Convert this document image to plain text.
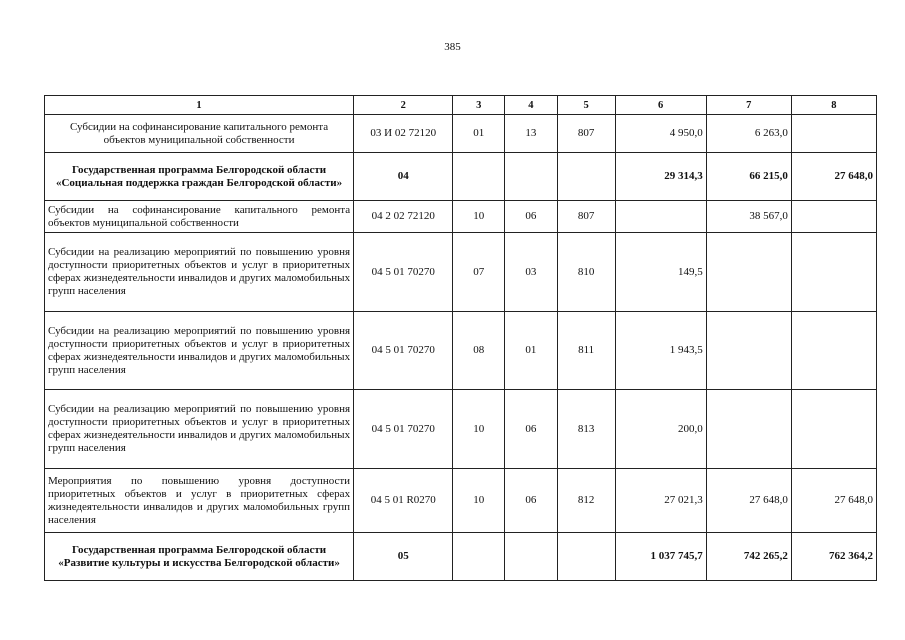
385
1	2	3	4	5	6	7	8
Субсидии на софинансирование капитального ремонта объектов муниципальной собственности	03 И 02 72120	01	13	807	4 950,0	6 263,0	
Государственная программа Белгородской области «Социальная поддержка граждан Белгородской области»	04				29 314,3	66 215,0	27 648,0
Субсидии на софинансирование капитального ремонта объектов муниципальной собственности	04 2 02 72120	10	06	807		38 567,0	
Субсидии на реализацию мероприятий по повышению уровня доступности приоритетных объектов и услуг в приоритетных сферах жизнедеятельности инвалидов и других маломобильных групп населения	04 5 01 70270	07	03	810	149,5		
Субсидии на реализацию мероприятий по повышению уровня доступности приоритетных объектов и услуг в приоритетных сферах жизнедеятельности инвалидов и других маломобильных групп населения	04 5 01 70270	08	01	811	1 943,5		
Субсидии на реализацию мероприятий по повышению уровня доступности приоритетных объектов и услуг в приоритетных сферах жизнедеятельности инвалидов и других маломобильных групп населения	04 5 01 70270	10	06	813	200,0		
Мероприятия по повышению уровня доступности приоритетных объектов и услуг в приоритетных сферах жизнедеятельности инвалидов и других маломобильных групп населения	04 5 01 R0270	10	06	812	27 021,3	27 648,0	27 648,0
Государственная программа Белгородской области «Развитие культуры и искусства Белгородской области»	05				1 037 745,7	742 265,2	762 364,2
